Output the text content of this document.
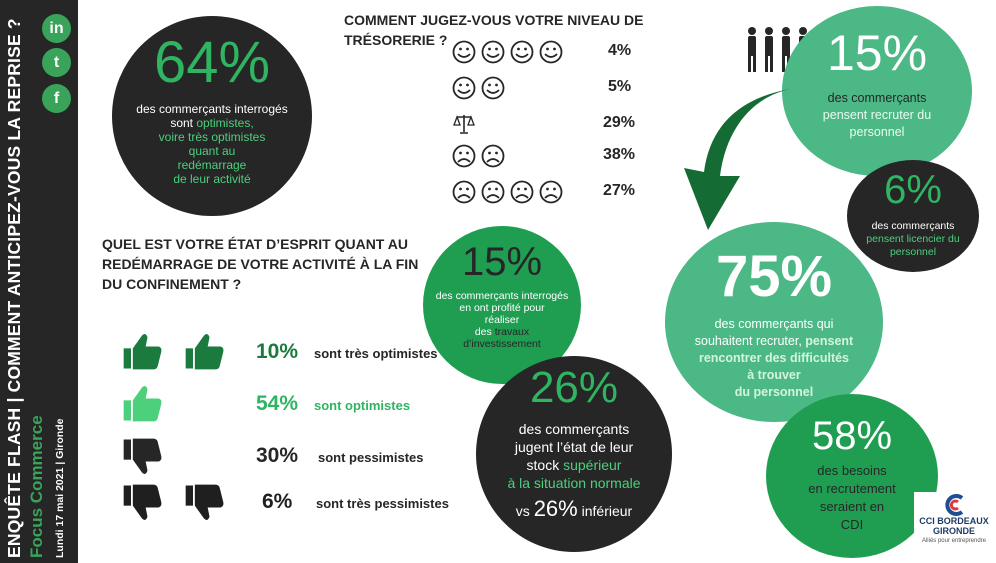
ENQUÊTE FLASH | COMMENT ANTICIPEZ-VOUS LA REPRISE ? Focus Commerce Lundi 17 mai 2021 | Gironde
in
t
f
64%
des commerçants interrogés
sont optimistes,
voire très optimistes
quant au
redémarrage
de leur activité
COMMENT JUGEZ-VOUS VOTRE NIVEAU DE
TRÉSORERIE ?
4%
5%
29%
38%
27%
QUEL EST VOTRE ÉTAT D’ESPRIT QUANT AU
REDÉMARRAGE DE VOTRE ACTIVITÉ À LA FIN
DU CONFINEMENT ?
10% sont très optimistes
54% sont optimistes
30% sont pessimistes
6% sont très pessimistes
15%
des commerçants interrogés
en ont profité pour
réaliser
des travaux
d’investissement
26%
des commerçants
jugent l’état de leur
stock supérieur
à la situation normale
vs 26% inférieur
15%
des commerçants
pensent recruter du
personnel
6%
des commerçants
pensent licencier du
personnel
75%
des commerçants qui
souhaitent recruter, pensent
rencontrer des difficultés
à trouver
du personnel
58%
des besoins
en recrutement
seraient en
CDI	CCI BORDEAUX
GIRONDE
Alliés pour entreprendre
